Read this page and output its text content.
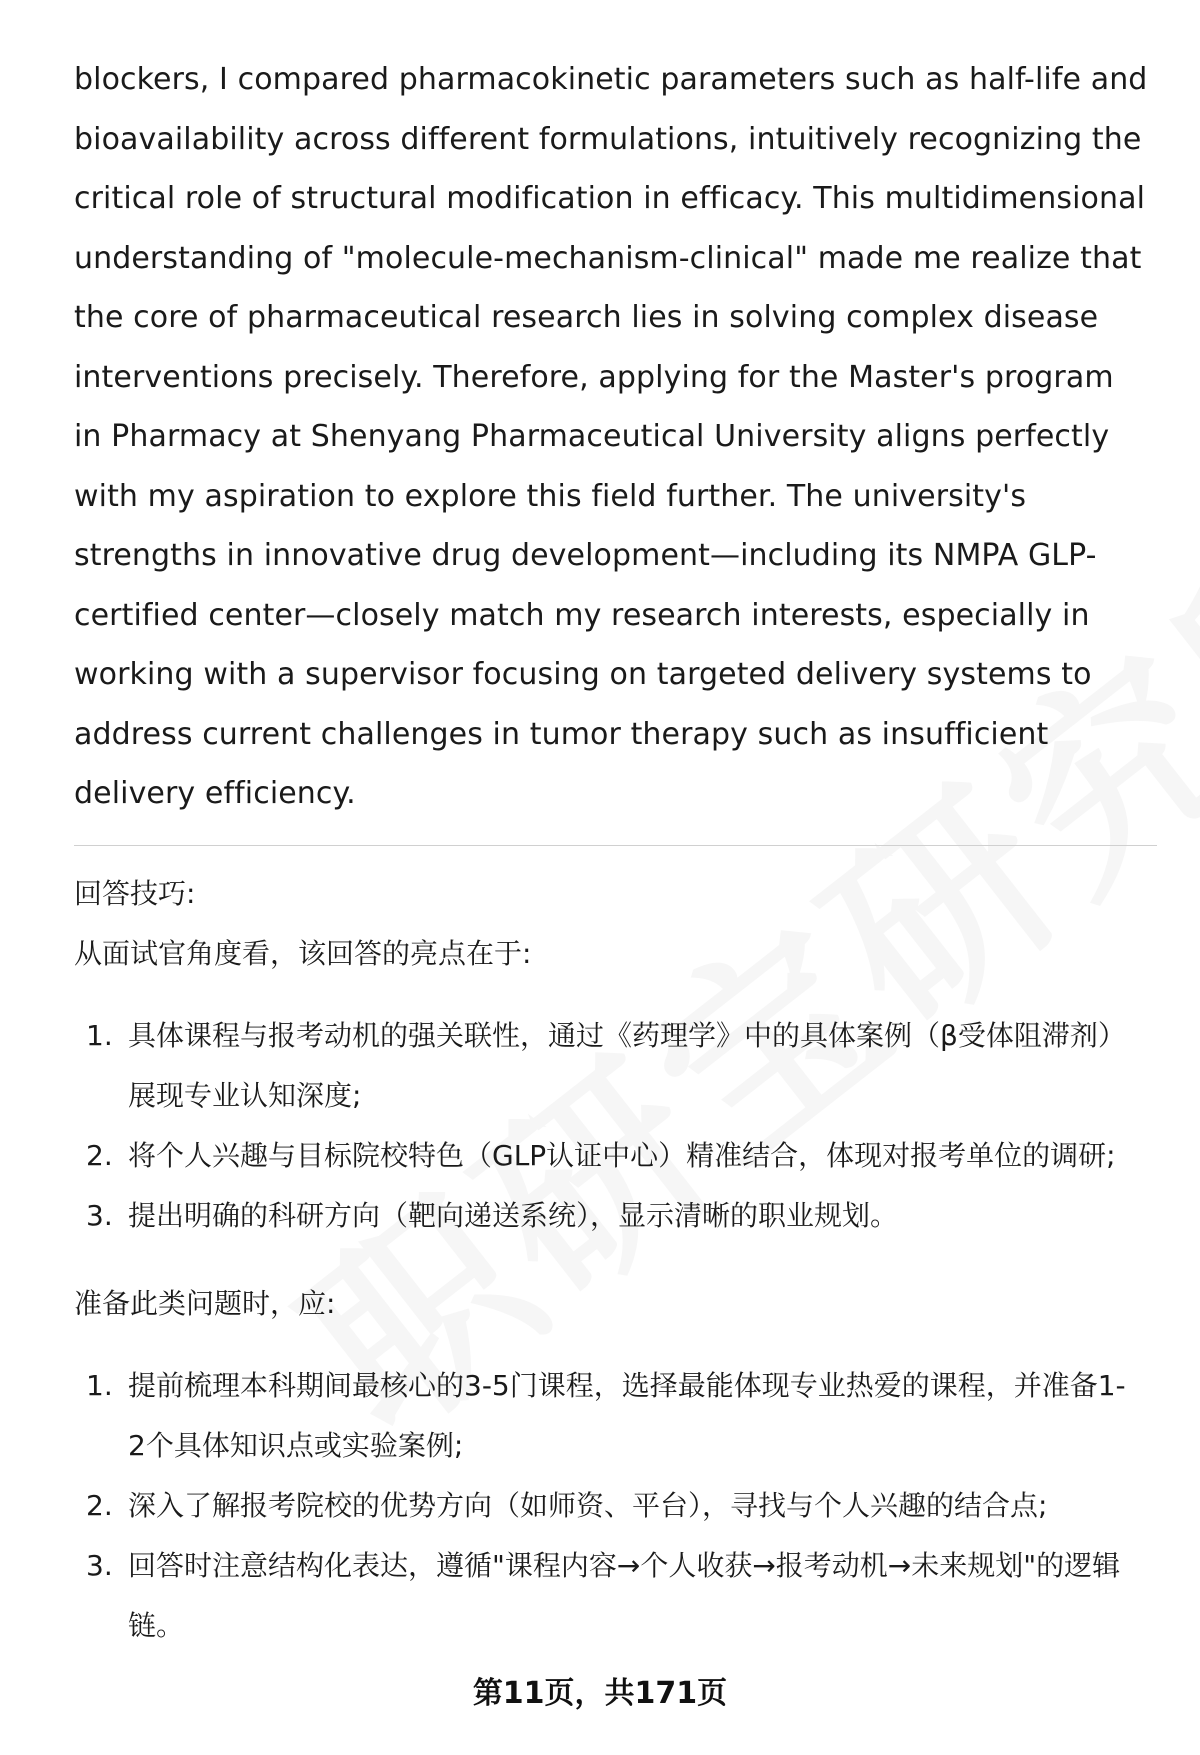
blockers, I compared pharmacokinetic parameters such as half-life and bioavailability across different formulations, intuitively recognizing the critical role of structural modification in efficacy. This multidimensional understanding of "molecule-mechanism-clinical" made me realize that the core of pharmaceutical research lies in solving complex disease interventions precisely. Therefore, applying for the Master's program in Pharmacy at Shenyang Pharmaceutical University aligns perfectly with my aspiration to explore this field further. The university's strengths in innovative drug development—including its NMPA GLP-certified center—closely match my research interests, especially in working with a supervisor focusing on targeted delivery systems to address current challenges in tumor therapy such as insufficient delivery efficiency.

回答技巧:

从面试官角度看，该回答的亮点在于:

1. 具体课程与报考动机的强关联性，通过《药理学》中的具体案例（β受体阻滞剂）展现专业认知深度;
2. 将个人兴趣与目标院校特色（GLP认证中心）精准结合，体现对报考单位的调研;
3. 提出明确的科研方向（靶向递送系统），显示清晰的职业规划。

准备此类问题时，应:

1. 提前梳理本科期间最核心的3-5门课程，选择最能体现专业热爱的课程，并准备1-2个具体知识点或实验案例;
2. 深入了解报考院校的优势方向（如师资、平台），寻找与个人兴趣的结合点;
3. 回答时注意结构化表达，遵循"课程内容→个人收获→报考动机→未来规划"的逻辑链。
第11页，共171页
